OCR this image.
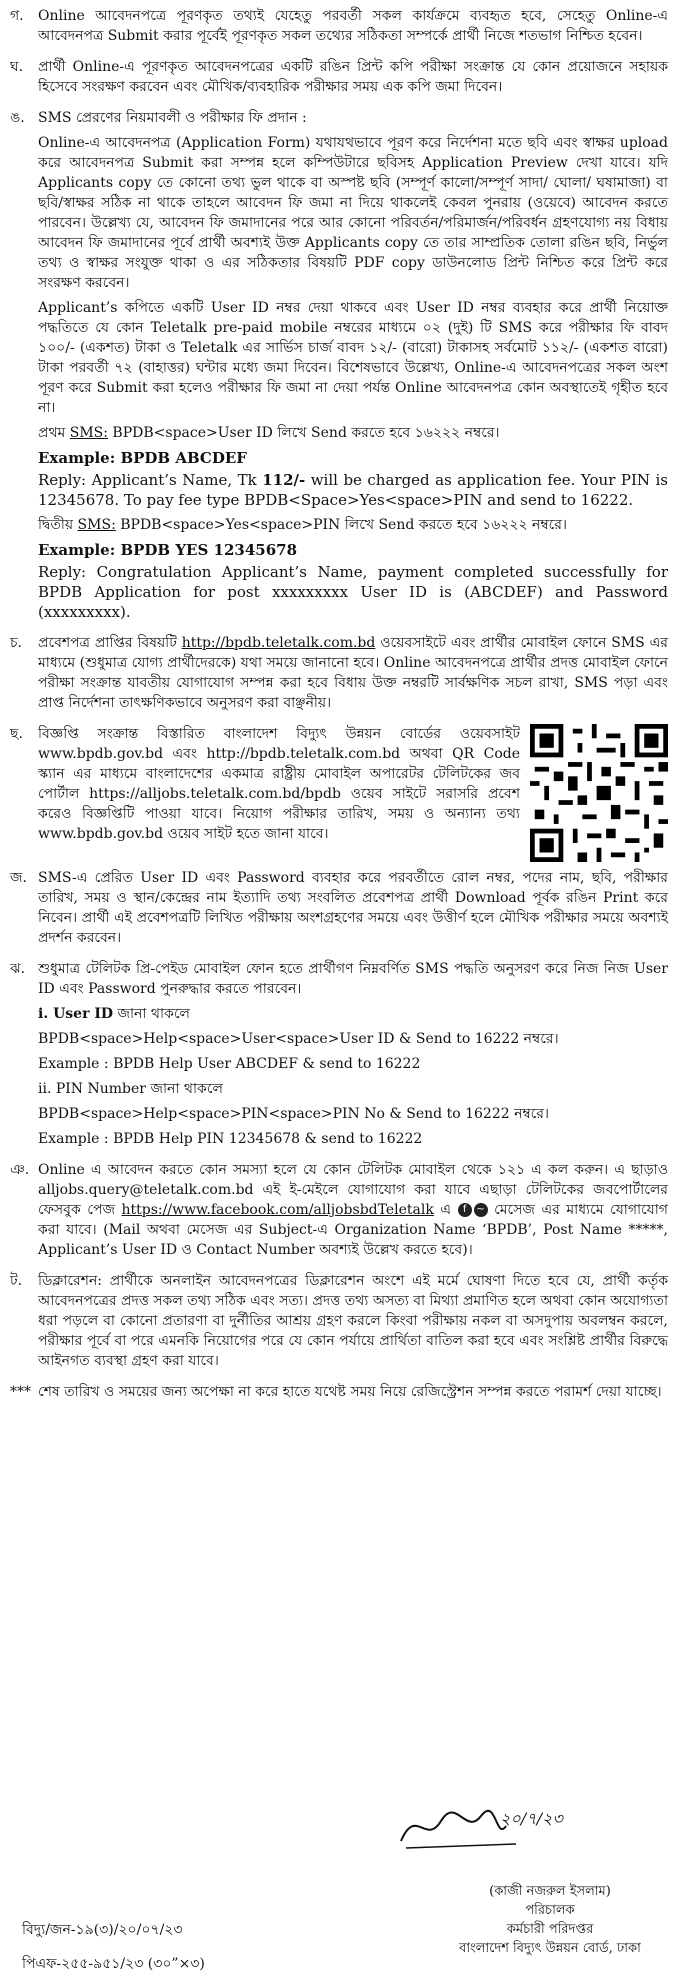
গ.	Online আবেদনপত্রে পূরণকৃত তথ্যই যেহেতু পরবর্তী সকল কার্যক্রমে ব্যবহৃত হবে, সেহেতু Online-এ আবেদনপত্র Submit করার পূর্বেই পূরণকৃত সকল তথ্যের সঠিকতা সম্পর্কে প্রার্থী নিজে শতভাগ নিশ্চিত হবেন।

ঘ.	প্রার্থী Online-এ পূরণকৃত আবেদনপত্রের একটি রঙিন প্রিন্ট কপি পরীক্ষা সংক্রান্ত যে কোন প্রয়োজনে সহায়ক হিসেবে সংরক্ষণ করবেন এবং মৌখিক/ব্যবহারিক পরীক্ষার সময় এক কপি জমা দিবেন।

ঙ. SMS প্রেরণের নিয়মাবলী ও পরীক্ষার ফি প্রদান :

Online-এ আবেদনপত্র (Application Form) যথাযথভাবে পূরণ করে নির্দেশনা মতে ছবি এবং স্বাক্ষর upload করে আবেদনপত্র Submit করা সম্পন্ন হলে কম্পিউটারে ছবিসহ Application Preview দেখা যাবে। যদি Applicants copy তে কোনো তথ্য ভুল থাকে বা অস্পষ্ট ছবি (সম্পূর্ণ কালো/সম্পূর্ণ সাদা/ ঘোলা/ ঘষামাজা) বা ছবি/স্বাক্ষর সঠিক না থাকে তাহলে আবেদন ফি জমা না দিয়ে থাকলেই কেবল পুনরায় (ওয়েবে) আবেদন করতে পারবেন। উল্লেখ্য যে, আবেদন ফি জমাদানের পরে আর কোনো পরিবর্তন/পরিমার্জন/পরিবর্ধন গ্রহণযোগ্য নয় বিধায় আবেদন ফি জমাদানের পূর্বে প্রার্থী অবশ্যই উক্ত Applicants copy তে তার সাম্প্রতিক তোলা রঙিন ছবি, নির্ভুল তথ্য ও স্বাক্ষর সংযুক্ত থাকা ও এর সঠিকতার বিষয়টি PDF copy ডাউনলোড প্রিন্ট নিশ্চিত করে প্রিন্ট করে সংরক্ষণ করবেন।

Applicant’s কপিতে একটি User ID নম্বর দেয়া থাকবে এবং User ID নম্বর ব্যবহার করে প্রার্থী নিয়োক্ত পদ্ধতিতে যে কোন Teletalk pre-paid mobile নম্বরের মাধ্যমে ০২ (দুই) টি SMS করে পরীক্ষার ফি বাবদ ১০০/- (একশত) টাকা ও Teletalk এর সার্ভিস চার্জ বাবদ ১২/- (বারো) টাকাসহ সর্বমোট ১১২/- (একশত বারো) টাকা পরবর্তী ৭২ (বাহাত্তর) ঘন্টার মধ্যে জমা দিবেন। বিশেষভাবে উল্লেখ্য, Online-এ আবেদনপত্রের সকল অংশ পূরণ করে Submit করা হলেও পরীক্ষার ফি জমা না দেয়া পর্যন্ত Online আবেদনপত্র কোন অবস্থাতেই গৃহীত হবে না।

প্রথম SMS: BPDB<space>User ID লিখে Send করতে হবে ১৬২২২ নম্বরে।

Example: BPDB ABCDEF

Reply: Applicant’s Name, Tk 112/- will be charged as application fee. Your PIN is 12345678. To pay fee type BPDB<Space>Yes<space>PIN and send to 16222.

দ্বিতীয় SMS: BPDB<space>Yes<space>PIN লিখে Send করতে হবে ১৬২২২ নম্বরে।

Example: BPDB YES 12345678

Reply: Congratulation Applicant’s Name, payment completed successfully for BPDB Application for post xxxxxxxxx User ID is (ABCDEF) and Password (xxxxxxxxx).

চ.	প্রবেশপত্র প্রাপ্তির বিষয়টি http://bpdb.teletalk.com.bd ওয়েবসাইটে এবং প্রার্থীর মোবাইল ফোনে SMS এর মাধ্যমে (শুধুমাত্র যোগ্য প্রার্থীদেরকে) যথা সময়ে জানানো হবে। Online আবেদনপত্রে প্রার্থীর প্রদত্ত মোবাইল ফোনে পরীক্ষা সংক্রান্ত যাবতীয় যোগাযোগ সম্পন্ন করা হবে বিধায় উক্ত নম্বরটি সার্বক্ষণিক সচল রাখা, SMS পড়া এবং প্রাপ্ত নির্দেশনা তাৎক্ষণিকভাবে অনুসরণ করা বাঞ্ছনীয়।

ছ.	বিজ্ঞপ্তি সংক্রান্ত বিস্তারিত বাংলাদেশ বিদ্যুৎ উন্নয়ন বোর্ডের ওয়েবসাইট www.bpdb.gov.bd এবং http://bpdb.teletalk.com.bd অথবা QR Code স্ক্যান এর মাধ্যমে বাংলাদেশের একমাত্র রাষ্ট্রীয় মোবাইল অপারেটর টেলিটকের জব পোর্টাল https://alljobs.teletalk.com.bd/bpdb ওয়েব সাইটে সরাসরি প্রবেশ করেও বিজ্ঞপ্তিটি পাওয়া যাবে। নিয়োগ পরীক্ষার তারিখ, সময় ও অন্যান্য তথ্য www.bpdb.gov.bd ওয়েব সাইট হতে জানা যাবে।

জ. SMS-এ প্রেরিত User ID এবং Password ব্যবহার করে পরবর্তীতে রোল নম্বর, পদের নাম, ছবি, পরীক্ষার তারিখ, সময় ও স্থান/কেন্দ্রের নাম ইত্যাদি তথ্য সংবলিত প্রবেশপত্র প্রার্থী Download পূর্বক রঙিন Print করে নিবেন। প্রার্থী এই প্রবেশপত্রটি লিখিত পরীক্ষায় অংশগ্রহণের সময়ে এবং উত্তীর্ণ হলে মৌখিক পরীক্ষার সময়ে অবশ্যই প্রদর্শন করবেন।

ঝ. শুধুমাত্র টেলিটক প্রি-পেইড মোবাইল ফোন হতে প্রার্থীগণ নিম্নবর্ণিত SMS পদ্ধতি অনুসরণ করে নিজ নিজ User ID এবং Password পুনরুদ্ধার করতে পারবেন।

i. User ID জানা থাকলে

BPDB<space>Help<space>User<space>User ID & Send to 16222 নম্বরে।

Example : BPDB Help User ABCDEF & send to 16222

ii. PIN Number জানা থাকলে

BPDB<space>Help<space>PIN<space>PIN No & Send to 16222 নম্বরে।

Example : BPDB Help PIN 12345678 & send to 16222

ঞ. Online এ আবেদন করতে কোন সমস্যা হলে যে কোন টেলিটক মোবাইল থেকে ১২১ এ কল করুন। এ ছাড়াও alljobs.query@teletalk.com.bd এই ই-মেইলে যোগাযোগ করা যাবে এছাড়া টেলিটকের জবপোর্টালের ফেসবুক পেজ https://www.facebook.com/alljobsbdTeletalk এ f	~ মেসেজ এর মাধ্যমে যোগাযোগ করা যাবে। (Mail অথবা মেসেজ এর Subject-এ Organization Name ‘BPDB’, Post Name *****, Applicant’s User ID ও Contact Number অবশ্যই উল্লেখ করতে হবে)।

ট.	ডিক্লারেশন: প্রার্থীকে অনলাইন আবেদনপত্রের ডিক্লারেশন অংশে এই মর্মে ঘোষণা দিতে হবে যে, প্রার্থী কর্তৃক আবেদনপত্রের প্রদত্ত সকল তথ্য সঠিক এবং সত্য। প্রদত্ত তথ্য অসত্য বা মিথ্যা প্রমাণিত হলে অথবা কোন অযোগ্যতা ধরা পড়লে বা কোনো প্রতারণা বা দুর্নীতির আশ্রয় গ্রহণ করলে কিংবা পরীক্ষায় নকল বা অসদুপায় অবলম্বন করলে, পরীক্ষার পূর্বে বা পরে এমনকি নিয়োগের পরে যে কোন পর্যায়ে প্রার্থিতা বাতিল করা হবে এবং সংশ্লিষ্ট প্রার্থীর বিরুদ্ধে আইনগত ব্যবস্থা গ্রহণ করা যাবে।

*** শেষ তারিখ ও সময়ের জন্য অপেক্ষা না করে হাতে যথেষ্ট সময় নিয়ে রেজিস্ট্রেশন সম্পন্ন করতে পরামর্শ দেয়া যাচ্ছে।

২০/৭/২৩
(কাজী নজরুল ইসলাম)
পরিচালক
কর্মচারী পরিদপ্তর
বাংলাদেশ বিদ্যুৎ উন্নয়ন বোর্ড, ঢাকা
বিদ্যু/জন-১৯(৩)/২০/০৭/২৩
পিএফ-২৫৫-৯৫১/২৩ (৩০”×৩)
